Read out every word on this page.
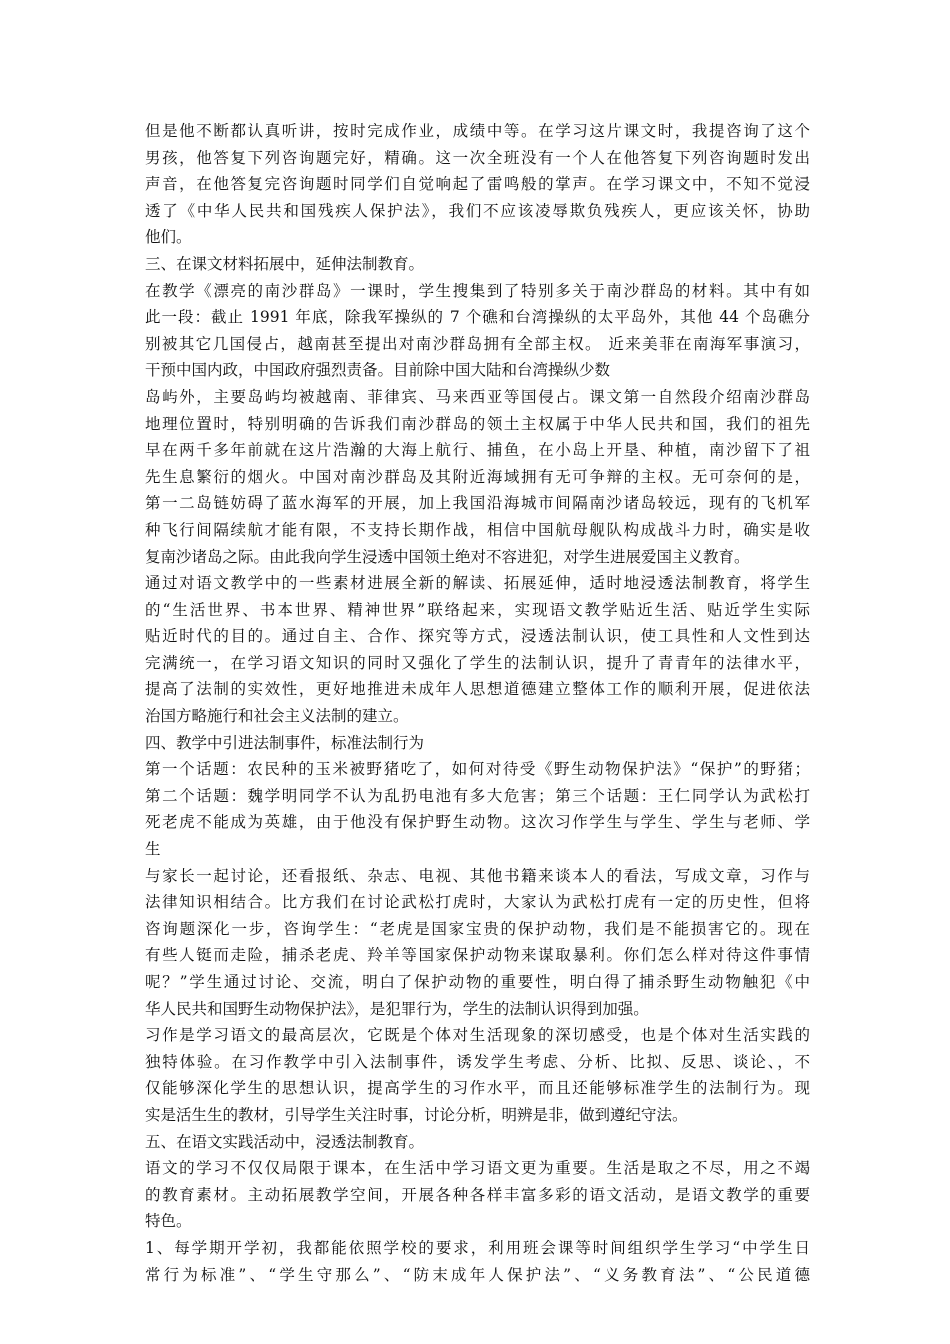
但是他不断都认真听讲，按时完成作业，成绩中等。在学习这片课文时，我提咨询了这个
男孩，他答复下列咨询题完好，精确。这一次全班没有一个人在他答复下列咨询题时发出
声音，在他答复完咨询题时同学们自觉响起了雷鸣般的掌声。在学习课文中，不知不觉浸
透了《中华人民共和国残疾人保护法》，我们不应该凌辱欺负残疾人，更应该关怀，协助
他们。
三、在课文材料拓展中，延伸法制教育。
在教学《漂亮的南沙群岛》一课时，学生搜集到了特别多关于南沙群岛的材料。其中有如
此一段：截止 1991 年底，除我军操纵的 7 个礁和台湾操纵的太平岛外，其他 44 个岛礁分
别被其它几国侵占，越南甚至提出对南沙群岛拥有全部主权。 近来美菲在南海军事演习，
干预中国内政，中国政府强烈责备。目前除中国大陆和台湾操纵少数
岛屿外，主要岛屿均被越南、菲律宾、马来西亚等国侵占。课文第一自然段介绍南沙群岛
地理位置时，特别明确的告诉我们南沙群岛的领土主权属于中华人民共和国，我们的祖先
早在两千多年前就在这片浩瀚的大海上航行、捕鱼，在小岛上开垦、种植，南沙留下了祖
先生息繁衍的烟火。中国对南沙群岛及其附近海域拥有无可争辩的主权。无可奈何的是，
第一二岛链妨碍了蓝水海军的开展，加上我国沿海城市间隔南沙诸岛较远，现有的飞机军
种飞行间隔续航才能有限，不支持长期作战，相信中国航母舰队构成战斗力时，确实是收
复南沙诸岛之际。由此我向学生浸透中国领土绝对不容进犯，对学生进展爱国主义教育。
通过对语文教学中的一些素材进展全新的解读、拓展延伸，适时地浸透法制教育，将学生
的“生活世界、书本世界、精神世界”联络起来，实现语文教学贴近生活、贴近学生实际
贴近时代的目的。通过自主、合作、探究等方式，浸透法制认识，使工具性和人文性到达
完满统一，在学习语文知识的同时又强化了学生的法制认识，提升了青青年的法律水平，
提高了法制的实效性，更好地推进未成年人思想道德建立整体工作的顺利开展，促进依法
治国方略施行和社会主义法制的建立。
四、教学中引进法制事件，标准法制行为
第一个话题：农民种的玉米被野猪吃了，如何对待受《野生动物保护法》“保护”的野猪；
第二个话题：魏学明同学不认为乱扔电池有多大危害；第三个话题：王仁同学认为武松打
死老虎不能成为英雄，由于他没有保护野生动物。这次习作学生与学生、学生与老师、学
生
与家长一起讨论，还看报纸、杂志、电视、其他书籍来谈本人的看法，写成文章，习作与
法律知识相结合。比方我们在讨论武松打虎时，大家认为武松打虎有一定的历史性，但将
咨询题深化一步，咨询学生：“老虎是国家宝贵的保护动物，我们是不能损害它的。现在
有些人铤而走险，捕杀老虎、羚羊等国家保护动物来谋取暴利。你们怎么样对待这件事情
呢？”学生通过讨论、交流，明白了保护动物的重要性，明白得了捕杀野生动物触犯《中
华人民共和国野生动物保护法》，是犯罪行为，学生的法制认识得到加强。
习作是学习语文的最高层次，它既是个体对生活现象的深切感受，也是个体对生活实践的
独特体验。在习作教学中引入法制事件，诱发学生考虑、分析、比拟、反思、谈论、，不
仅能够深化学生的思想认识，提高学生的习作水平，而且还能够标准学生的法制行为。现
实是活生生的教材，引导学生关注时事，讨论分析，明辨是非，做到遵纪守法。
五、在语文实践活动中，浸透法制教育。
语文的学习不仅仅局限于课本，在生活中学习语文更为重要。生活是取之不尽，用之不竭
的教育素材。主动拓展教学空间，开展各种各样丰富多彩的语文活动，是语文教学的重要
特色。
1、每学期开学初，我都能依照学校的要求，利用班会课等时间组织学生学习“中学生日
常行为标准”、“学生守那么”、“防末成年人保护法”、“义务教育法”、“公民道德
